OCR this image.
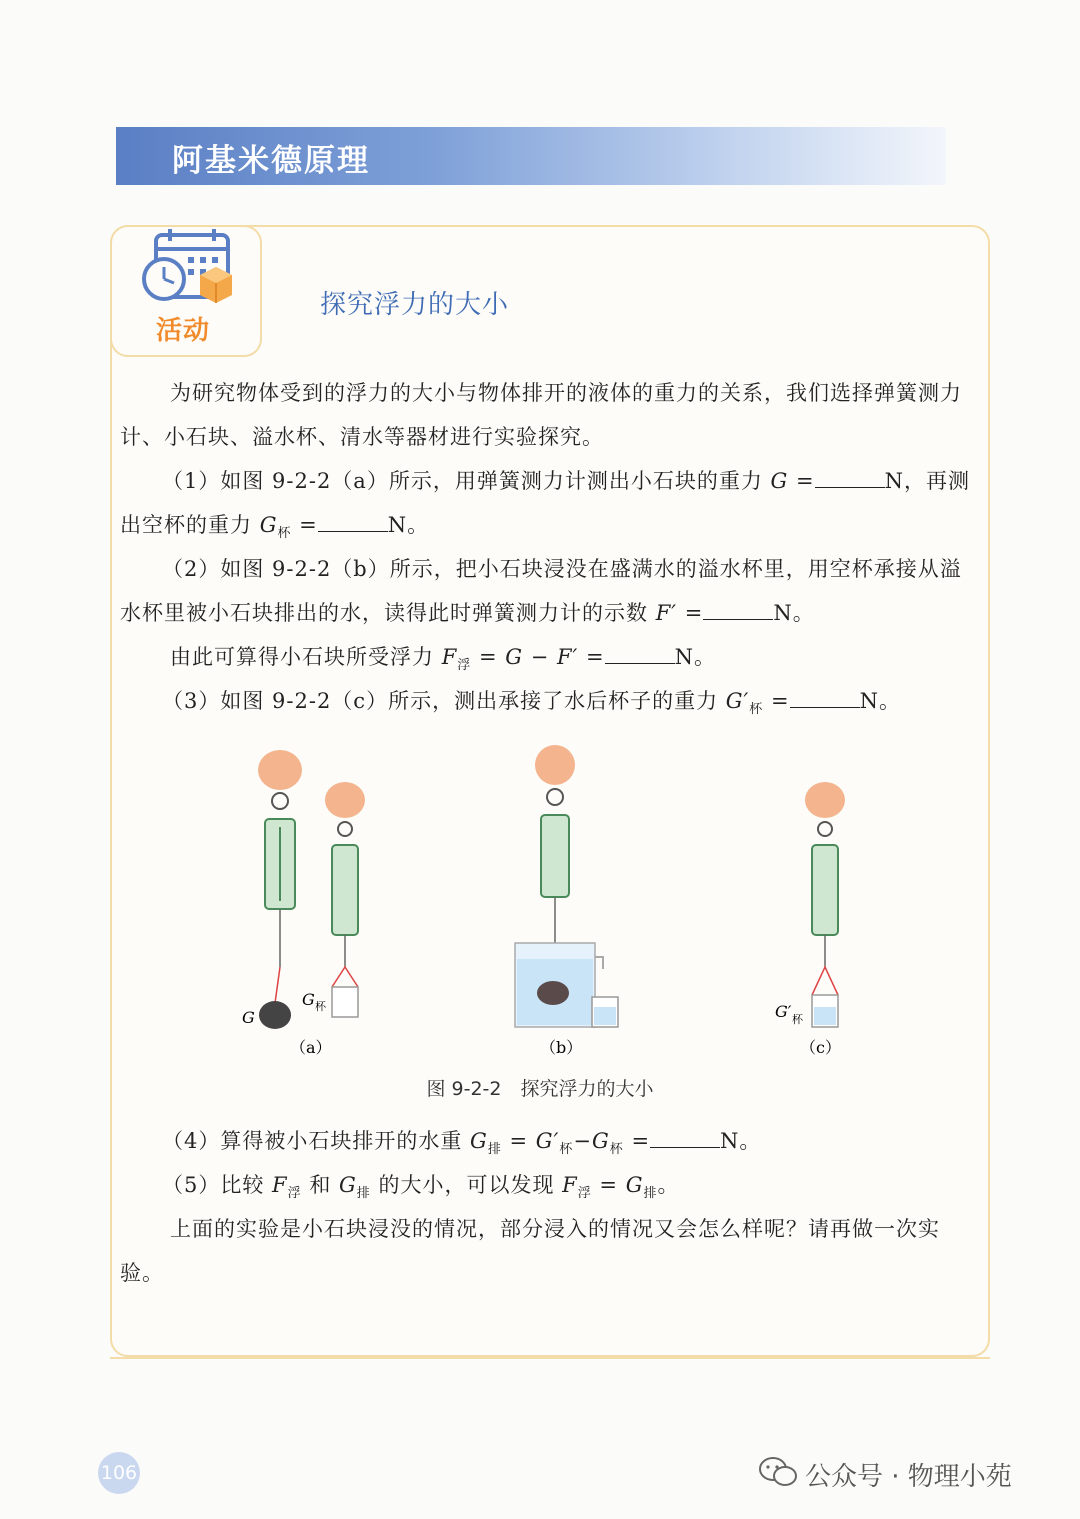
阿基米德原理
活动
探究浮力的大小

为研究物体受到的浮力的大小与物体排开的液体的重力的关系，我们选择弹簧测力计、小石块、溢水杯、清水等器材进行实验探究。

（1）如图 9-2-2（a）所示，用弹簧测力计测出小石块的重力 G =	N，再测出空杯的重力 $G_杯$ =	N。

（2）如图 9-2-2（b）所示，把小石块浸没在盛满水的溢水杯里，用空杯承接从溢水杯里被小石块排出的水，读得此时弹簧测力计的示数 F′ =	N。

由此可算得小石块所受浮力 $F_浮 = G - F'$ =	N。

（3）如图 9-2-2（c）所示，测出承接了水后杯子的重力 $G'_杯$ =	N。

G
G 杯
（a）	（b）
G′ 杯
（c）
图 9-2-2　探究浮力的大小

（4）算得被小石块排开的水重 $G_排 = G'_杯-G_杯$ =	N。

（5）比较 $F_浮$ 和 $G_排$ 的大小，可以发现 $F_浮 = G_排$。

上面的实验是小石块浸没的情况，部分浸入的情况又会怎么样呢？请再做一次实验。

106	公众号 · 物理小苑
